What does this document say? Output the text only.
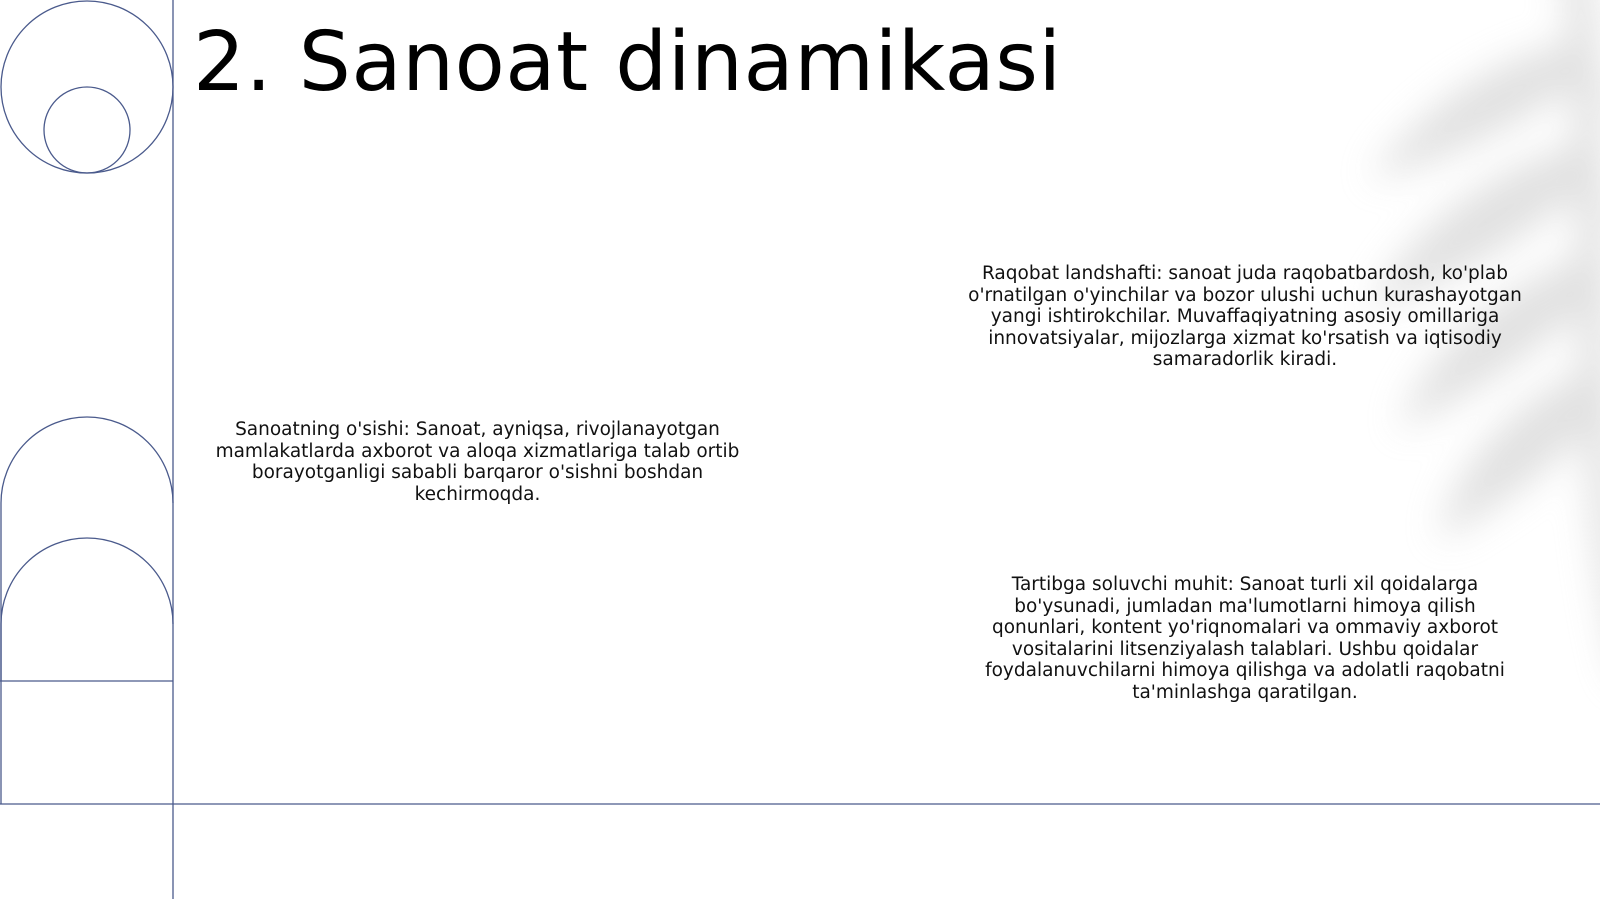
2. Sanoat dinamikasi

Sanoatning o'sishi: Sanoat, ayniqsa, rivojlanayotgan mamlakatlarda axborot va aloqa xizmatlariga talab ortib borayotganligi sababli barqaror o'sishni boshdan kechirmoqda.

Raqobat landshafti: sanoat juda raqobatbardosh, ko'plab o'rnatilgan o'yinchilar va bozor ulushi uchun kurashayotgan yangi ishtirokchilar. Muvaffaqiyatning asosiy omillariga innovatsiyalar, mijozlarga xizmat ko'rsatish va iqtisodiy samaradorlik kiradi.

Tartibga soluvchi muhit: Sanoat turli xil qoidalarga bo'ysunadi, jumladan ma'lumotlarni himoya qilish qonunlari, kontent yo'riqnomalari va ommaviy axborot vositalarini litsenziyalash talablari. Ushbu qoidalar foydalanuvchilarni himoya qilishga va adolatli raqobatni ta'minlashga qaratilgan.
